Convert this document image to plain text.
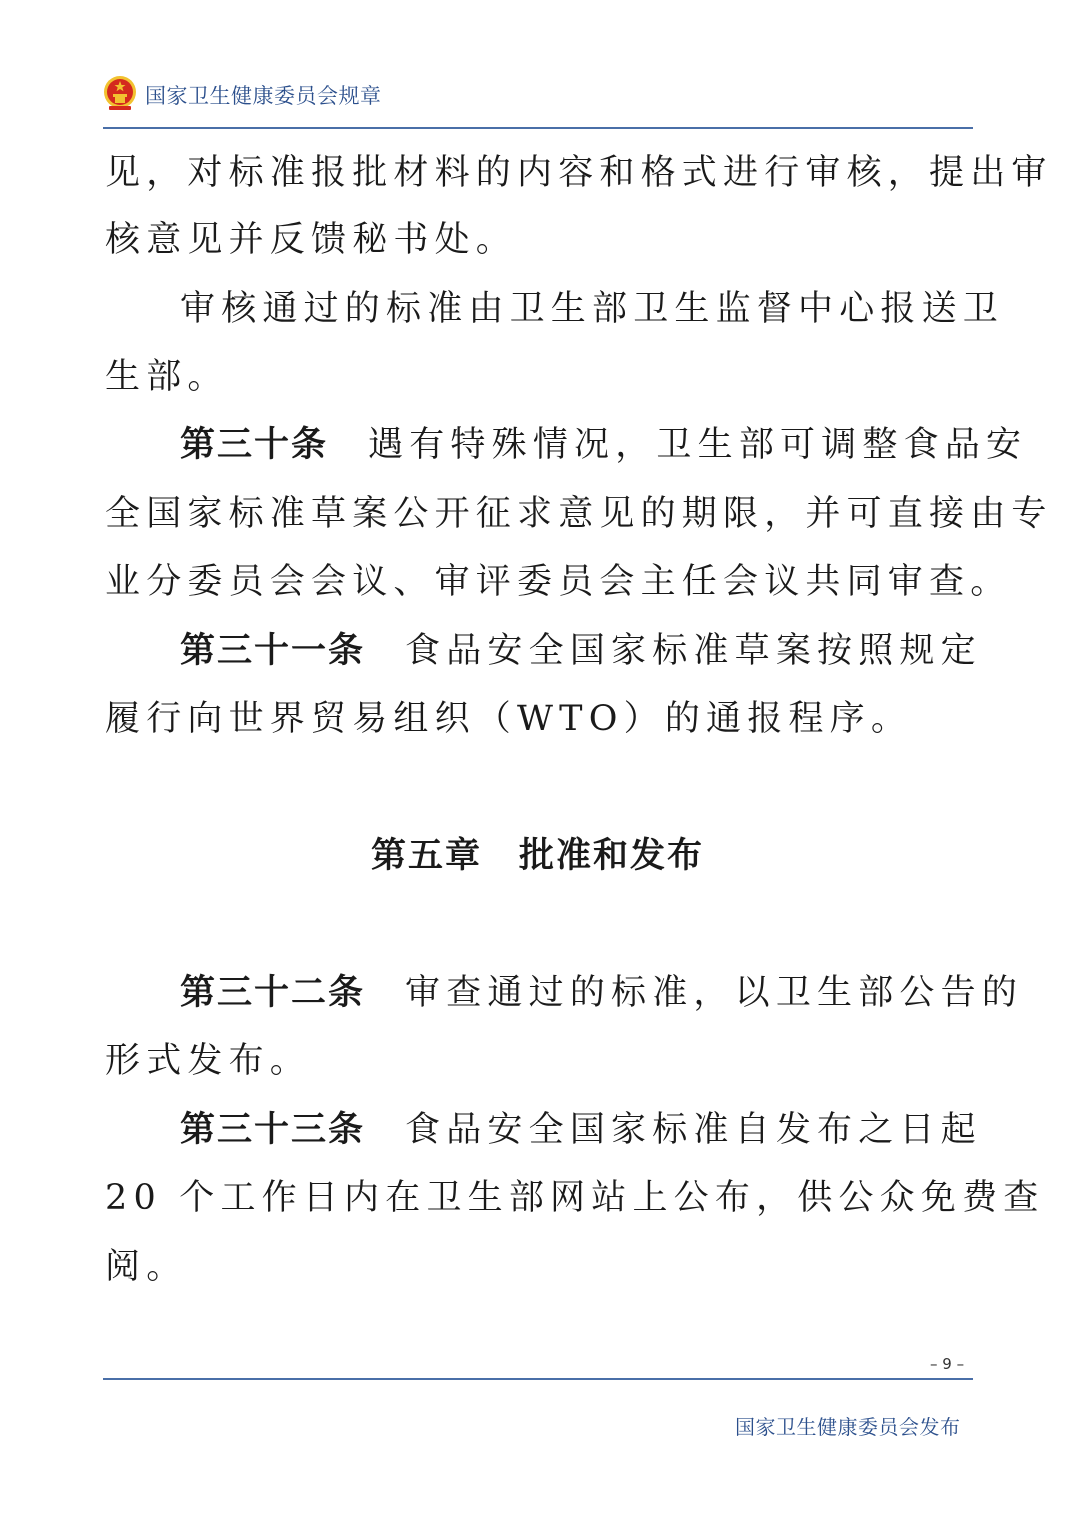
国家卫生健康委员会规章
见，对标准报批材料的内容和格式进行审核，提出审
核意见并反馈秘书处。
审核通过的标准由卫生部卫生监督中心报送卫
生部。
第三十条 遇有特殊情况，卫生部可调整食品安
全国家标准草案公开征求意见的期限，并可直接由专
业分委员会会议、审评委员会主任会议共同审查。
第三十一条 食品安全国家标准草案按照规定
履行向世界贸易组织（WTO）的通报程序。
第五章　批准和发布
第三十二条 审查通过的标准，以卫生部公告的
形式发布。
第三十三条 食品安全国家标准自发布之日起
20 个工作日内在卫生部网站上公布，供公众免费查
阅。
– 9 –
国家卫生健康委员会发布
